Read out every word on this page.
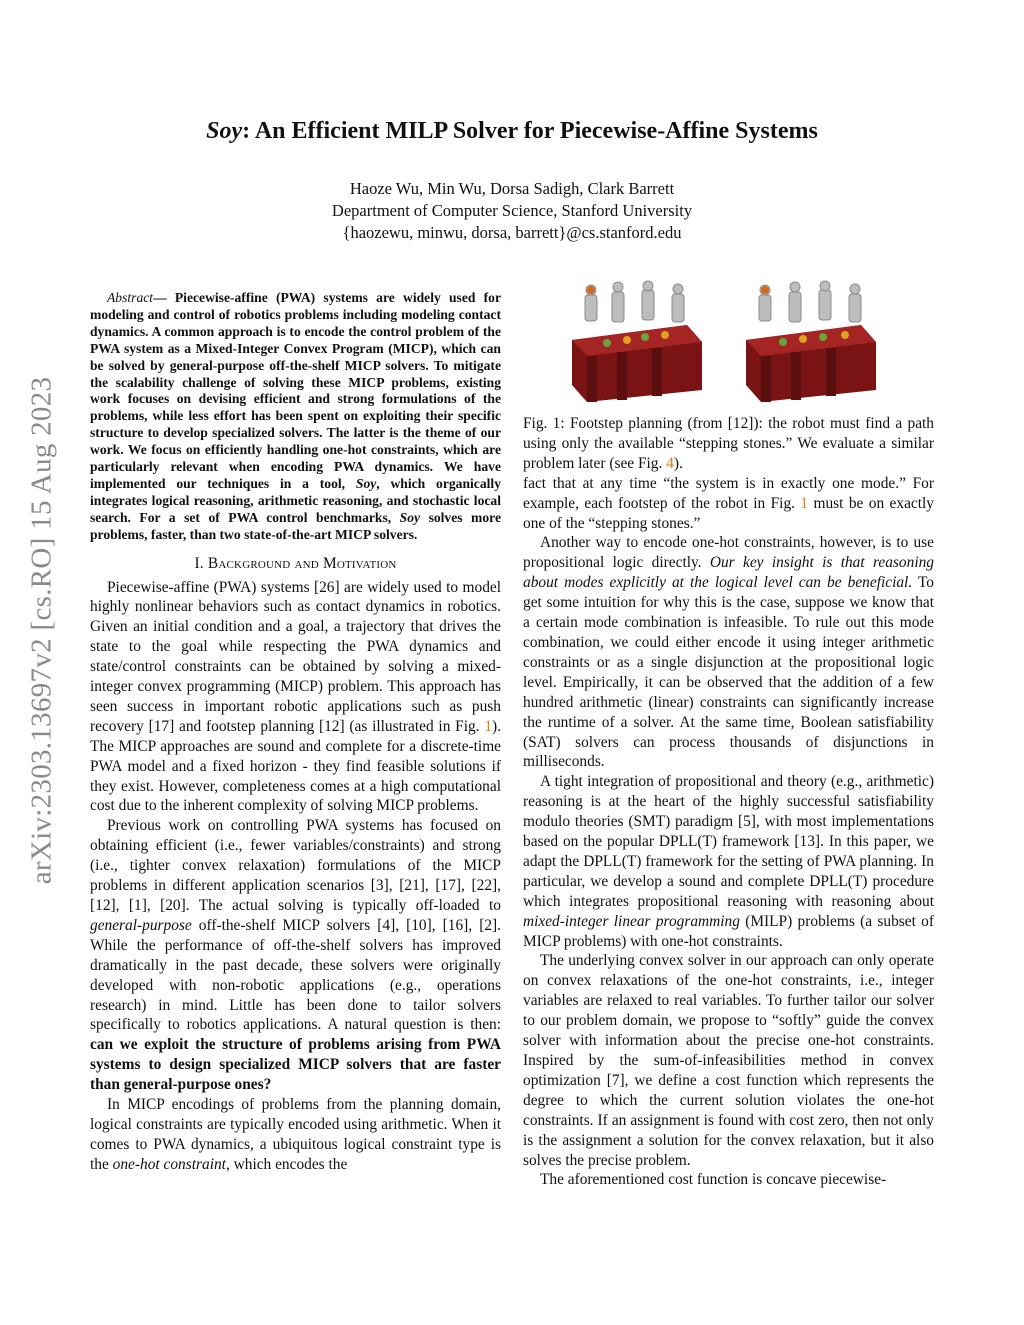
arXiv:2303.13697v2 [cs.RO] 15 Aug 2023
Soy: An Efficient MILP Solver for Piecewise-Affine Systems
Haoze Wu, Min Wu, Dorsa Sadigh, Clark Barrett
Department of Computer Science, Stanford University
{haozewu, minwu, dorsa, barrett}@cs.stanford.edu

Abstract— Piecewise-affine (PWA) systems are widely used for modeling and control of robotics problems including modeling contact dynamics. A common approach is to encode the control problem of the PWA system as a Mixed-Integer Convex Program (MICP), which can be solved by general-purpose off-the-shelf MICP solvers. To mitigate the scalability challenge of solving these MICP problems, existing work focuses on devising efficient and strong formulations of the problems, while less effort has been spent on exploiting their specific structure to develop specialized solvers. The latter is the theme of our work. We focus on efficiently handling one-hot constraints, which are particularly relevant when encoding PWA dynamics. We have implemented our techniques in a tool, Soy, which organically integrates logical reasoning, arithmetic reasoning, and stochastic local search. For a set of PWA control benchmarks, Soy solves more problems, faster, than two state-of-the-art MICP solvers.

I. Background and Motivation

Piecewise-affine (PWA) systems [26] are widely used to model highly nonlinear behaviors such as contact dynamics in robotics. Given an initial condition and a goal, a trajectory that drives the state to the goal while respecting the PWA dynamics and state/control constraints can be obtained by solving a mixed-integer convex programming (MICP) problem. This approach has seen success in important robotic applications such as push recovery [17] and footstep planning [12] (as illustrated in Fig. 1). The MICP approaches are sound and complete for a discrete-time PWA model and a fixed horizon - they find feasible solutions if they exist. However, completeness comes at a high computational cost due to the inherent complexity of solving MICP problems.

Previous work on controlling PWA systems has focused on obtaining efficient (i.e., fewer variables/constraints) and strong (i.e., tighter convex relaxation) formulations of the MICP problems in different application scenarios [3], [21], [17], [22], [12], [1], [20]. The actual solving is typically off-loaded to general-purpose off-the-shelf MICP solvers [4], [10], [16], [2]. While the performance of off-the-shelf solvers has improved dramatically in the past decade, these solvers were originally developed with non-robotic applications (e.g., operations research) in mind. Little has been done to tailor solvers specifically to robotics applications. A natural question is then: can we exploit the structure of problems arising from PWA systems to design specialized MICP solvers that are faster than general-purpose ones?

In MICP encodings of problems from the planning domain, logical constraints are typically encoded using arithmetic. When it comes to PWA dynamics, a ubiquitous logical constraint type is the one-hot constraint, which encodes the

Fig. 1: Footstep planning (from [12]): the robot must find a path using only the available “stepping stones.” We evaluate a similar problem later (see Fig. 4).

fact that at any time “the system is in exactly one mode.” For example, each footstep of the robot in Fig. 1 must be on exactly one of the “stepping stones.”

Another way to encode one-hot constraints, however, is to use propositional logic directly. Our key insight is that reasoning about modes explicitly at the logical level can be beneficial. To get some intuition for why this is the case, suppose we know that a certain mode combination is infeasible. To rule out this mode combination, we could either encode it using integer arithmetic constraints or as a single disjunction at the propositional logic level. Empirically, it can be observed that the addition of a few hundred arithmetic (linear) constraints can significantly increase the runtime of a solver. At the same time, Boolean satisfiability (SAT) solvers can process thousands of disjunctions in milliseconds.

A tight integration of propositional and theory (e.g., arithmetic) reasoning is at the heart of the highly successful satisfiability modulo theories (SMT) paradigm [5], with most implementations based on the popular DPLL(T) framework [13]. In this paper, we adapt the DPLL(T) framework for the setting of PWA planning. In particular, we develop a sound and complete DPLL(T) procedure which integrates propositional reasoning with reasoning about mixed-integer linear programming (MILP) problems (a subset of MICP problems) with one-hot constraints.

The underlying convex solver in our approach can only operate on convex relaxations of the one-hot constraints, i.e., integer variables are relaxed to real variables. To further tailor our solver to our problem domain, we propose to “softly” guide the convex solver with information about the precise one-hot constraints. Inspired by the sum-of-infeasibilities method in convex optimization [7], we define a cost function which represents the degree to which the current solution violates the one-hot constraints. If an assignment is found with cost zero, then not only is the assignment a solution for the convex relaxation, but it also solves the precise problem.

The aforementioned cost function is concave piecewise-
